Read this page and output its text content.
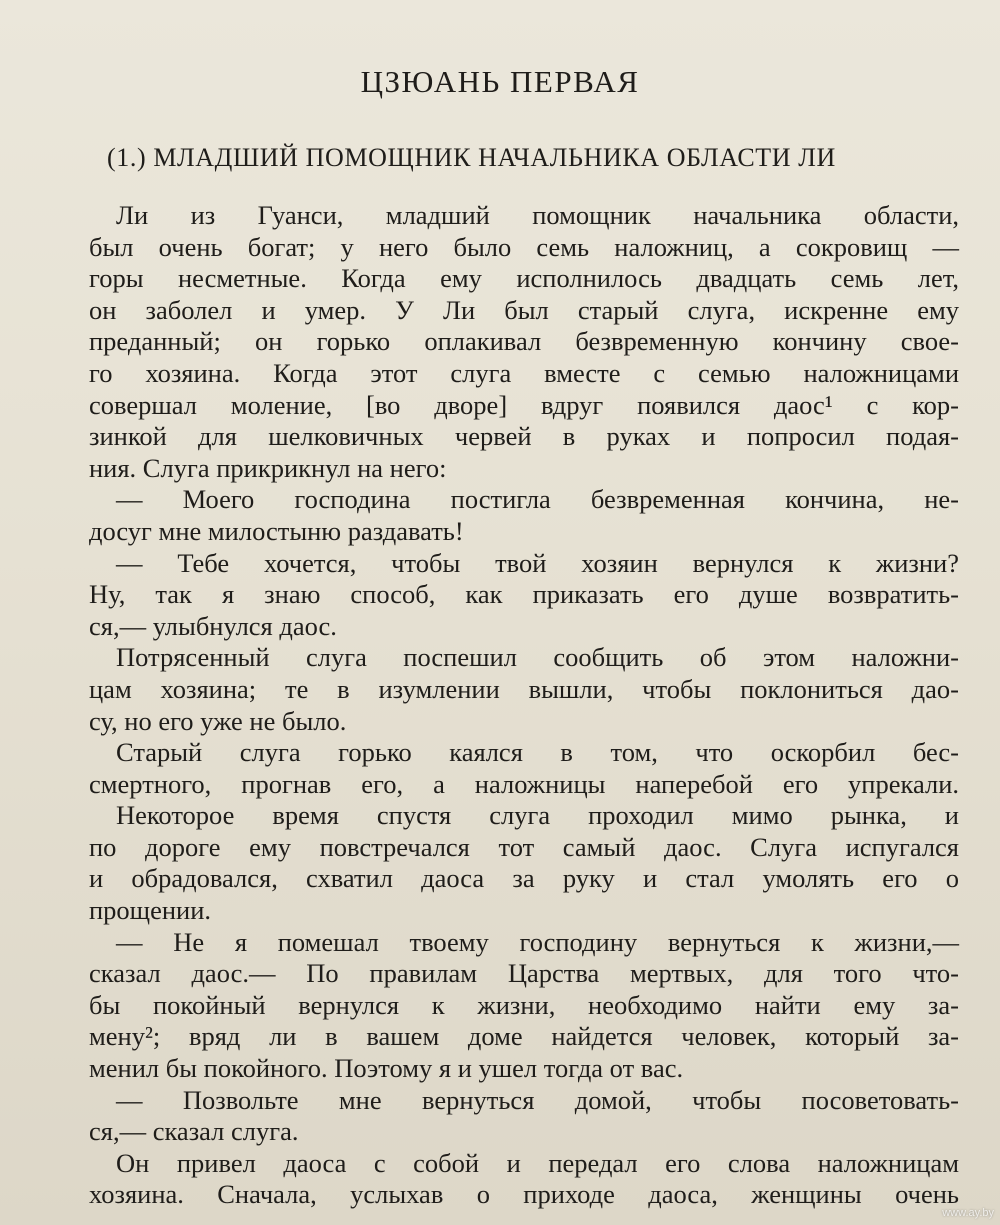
ЦЗЮАНЬ ПЕРВАЯ
(1.) МЛАДШИЙ ПОМОЩНИК НАЧАЛЬНИКА ОБЛАСТИ ЛИ
Ли из Гуанси, младший помощник начальника области,
был очень богат; у него было семь наложниц, а сокровищ —
горы несметные. Когда ему исполнилось двадцать семь лет,
он заболел и умер. У Ли был старый слуга, искренне ему
преданный; он горько оплакивал безвременную кончину свое-
го хозяина. Когда этот слуга вместе с семью наложницами
совершал моление, [во дворе] вдруг появился даос¹ с кор-
зинкой для шелковичных червей в руках и попросил подая-
ния. Слуга прикрикнул на него:
— Моего господина постигла безвременная кончина, не-
досуг мне милостыню раздавать!
— Тебе хочется, чтобы твой хозяин вернулся к жизни?
Ну, так я знаю способ, как приказать его душе возвратить-
ся,— улыбнулся даос.
Потрясенный слуга поспешил сообщить об этом наложни-
цам хозяина; те в изумлении вышли, чтобы поклониться дао-
су, но его уже не было.
Старый слуга горько каялся в том, что оскорбил бес-
смертного, прогнав его, а наложницы наперебой его упрекали.
Некоторое время спустя слуга проходил мимо рынка, и
по дороге ему повстречался тот самый даос. Слуга испугался
и обрадовался, схватил даоса за руку и стал умолять его о
прощении.
— Не я помешал твоему господину вернуться к жизни,—
сказал даос.— По правилам Царства мертвых, для того что-
бы покойный вернулся к жизни, необходимо найти ему за-
мену²; вряд ли в вашем доме найдется человек, который за-
менил бы покойного. Поэтому я и ушел тогда от вас.
— Позвольте мне вернуться домой, чтобы посоветовать-
ся,— сказал слуга.
Он привел даоса с собой и передал его слова наложницам
хозяина. Сначала, услыхав о приходе даоса, женщины очень
www.ay.by
